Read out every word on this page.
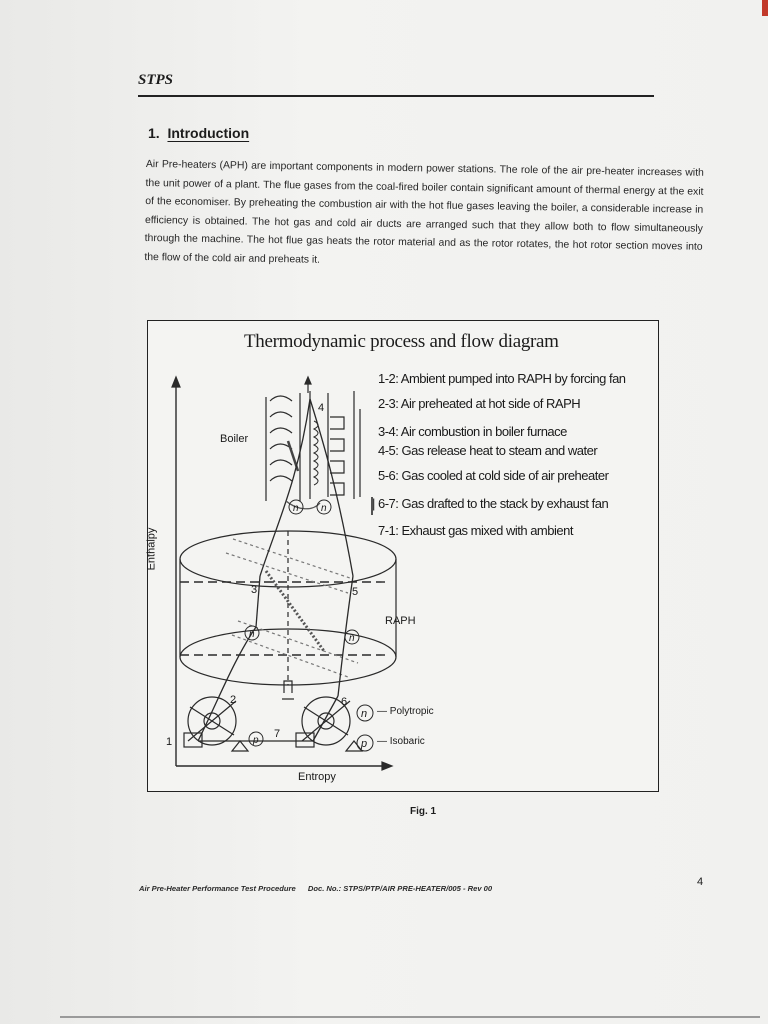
STPS
1. Introduction
Air Pre-heaters (APH) are important components in modern power stations. The role of the air pre-heater increases with the unit power of a plant. The flue gases from the coal-fired boiler contain significant amount of thermal energy at the exit of the economiser. By preheating the combustion air with the hot flue gases leaving the boiler, a considerable increase in efficiency is obtained. The hot gas and cold air ducts are arranged such that they allow both to flow simultaneously through the machine. The hot flue gas heats the rotor material and as the rotor rotates, the hot rotor section moves into the flow of the cold air and preheats it.
n n
n	n
p
n
p
1
2
3
4
5
6
7
Thermodynamic process and flow diagram
1-2: Ambient pumped into RAPH by forcing fan
2-3: Air preheated at hot side of RAPH
3-4: Air combustion in boiler furnace
4-5: Gas release heat to steam and water
5-6: Gas cooled at cold side of air preheater
| 6-7: Gas drafted to the stack by exhaust fan
7-1: Exhaust gas mixed with ambient
Boiler
RAPH
Enthalpy
Entropy
— Polytropic
— Isobaric
Fig. 1
4
Air Pre-Heater Performance Test Procedure Doc. No.: STPS/PTP/AIR PRE-HEATER/005 - Rev 00
